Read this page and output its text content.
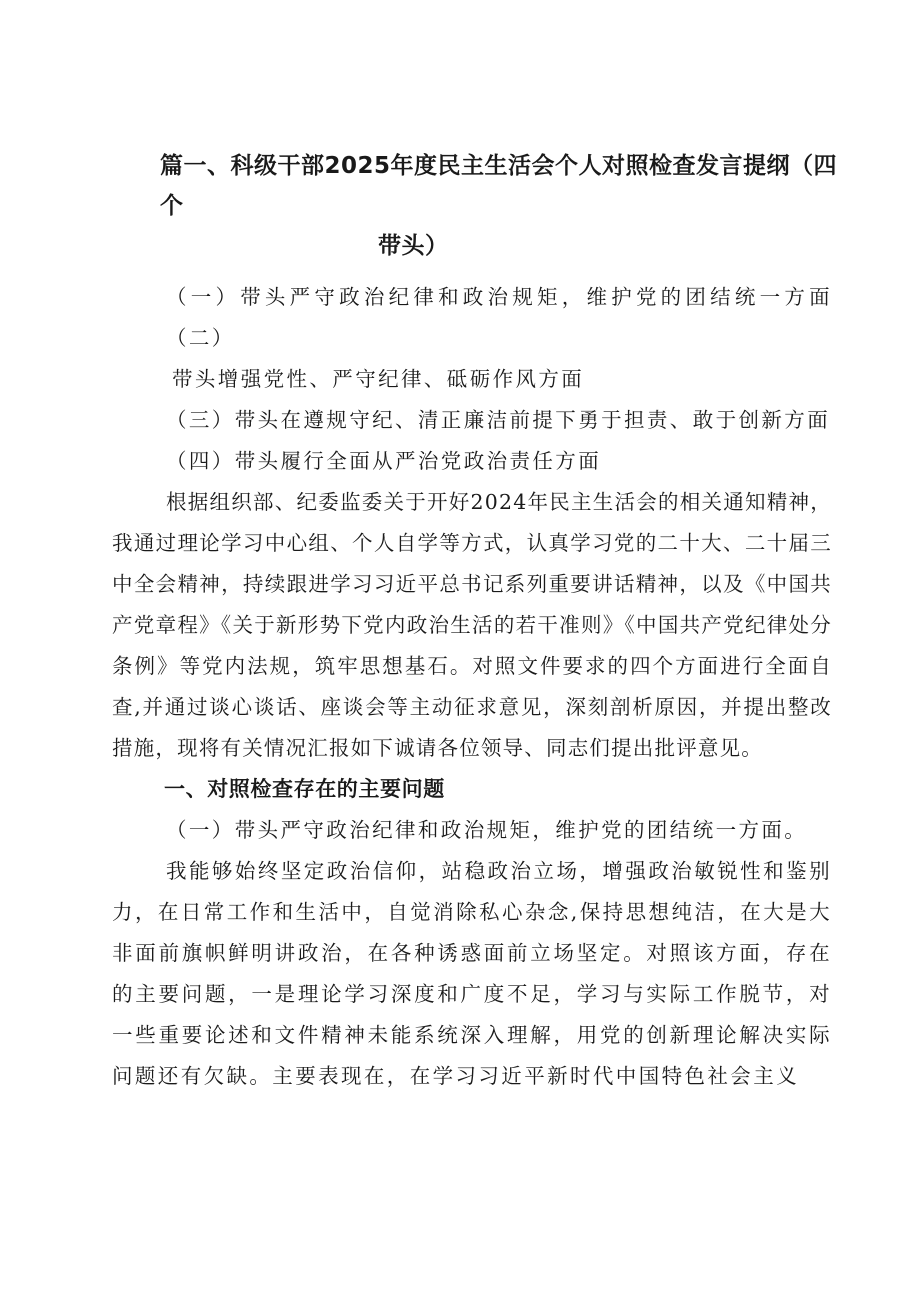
篇一、科级干部2025年度民主生活会个人对照检查发言提纲（四个
带头）

（一）带头严守政治纪律和政治规矩，维护党的团结统一方面（二）
带头增强党性、严守纪律、砥砺作风方面

（三）带头在遵规守纪、清正廉洁前提下勇于担责、敢于创新方面

（四）带头履行全面从严治党政治责任方面

根据组织部、纪委监委关于开好2024年民主生活会的相关通知精神，我通过理论学习中心组、个人自学等方式，认真学习党的二十大、二十届三中全会精神，持续跟进学习习近平总书记系列重要讲话精神，以及《中国共产党章程》《关于新形势下党内政治生活的若干准则》《中国共产党纪律处分条例》等党内法规，筑牢思想基石。对照文件要求的四个方面进行全面自查,并通过谈心谈话、座谈会等主动征求意见，深刻剖析原因，并提出整改措施，现将有关情况汇报如下诚请各位领导、同志们提出批评意见。

一、对照检查存在的主要问题

（一）带头严守政治纪律和政治规矩，维护党的团结统一方面。

我能够始终坚定政治信仰，站稳政治立场，增强政治敏锐性和鉴别力，在日常工作和生活中，自觉消除私心杂念,保持思想纯洁，在大是大非面前旗帜鲜明讲政治，在各种诱惑面前立场坚定。对照该方面，存在的主要问题，一是理论学习深度和广度不足，学习与实际工作脱节，对一些重要论述和文件精神未能系统深入理解，用党的创新理论解决实际问题还有欠缺。主要表现在，在学习习近平新时代中国特色社会主义
